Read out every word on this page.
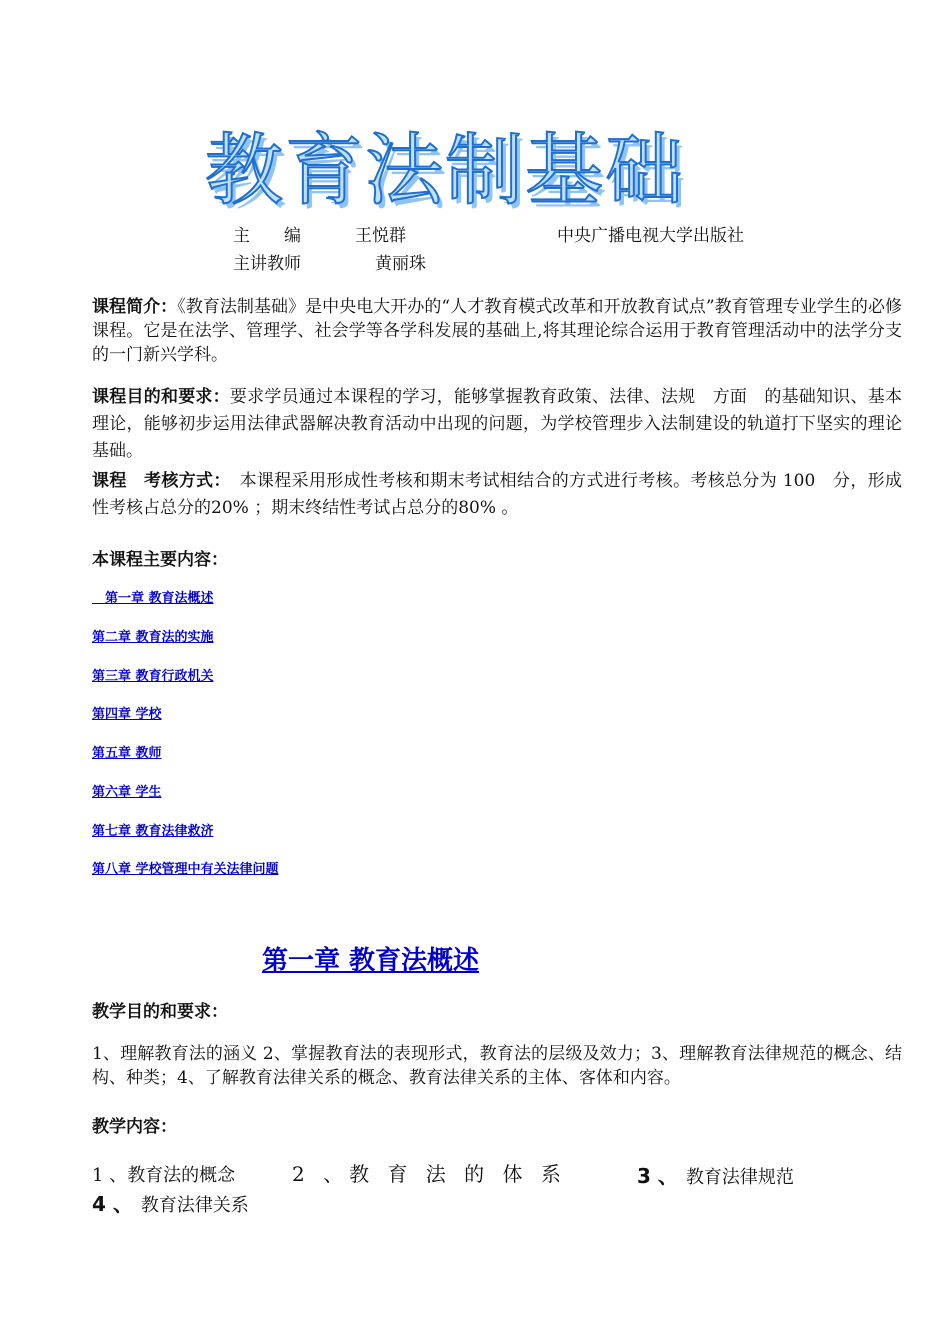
教育法制基础
主　　编	王悦群	中央广播电视大学出版社
主讲教师	黄丽珠
课程简介：《教育法制基础》是中央电大开办的“人才教育模式改革和开放教育试点”教育管理专业学生的必修课程。它是在法学、管理学、社会学等各学科发展的基础上,将其理论综合运用于教育管理活动中的法学分支的一门新兴学科。
课程目的和要求：要求学员通过本课程的学习，能够掌握教育政策、法律、法规　方面　的基础知识、基本理论，能够初步运用法律武器解决教育活动中出现的问题，为学校管理步入法制建设的轨道打下坚实的理论基础。
课程　考核方式：　 本课程采用形成性考核和期末考试相结合的方式进行考核。考核总分为 100　分，形成性考核占总分的20% ；期末终结性考试占总分的80% 。
本课程主要内容：
　第一章 教育法概述
第二章 教育法的实施
第三章 教育行政机关
第四章 学校
第五章 教师
第六章 学生
第七章 教育法律救济
第八章 学校管理中有关法律问题
第一章 教育法概述
教学目的和要求：
1、理解教育法的涵义 2、掌握教育法的表现形式，教育法的层级及效力；3、理解教育法律规范的概念、结构、种类；4、了解教育法律关系的概念、教育法律关系的主体、客体和内容。
教学内容：
1 、教育法的概念	2 、教 育 法 的 体 系	3 、　 教育法律规范
4 、　 教育法律关系
